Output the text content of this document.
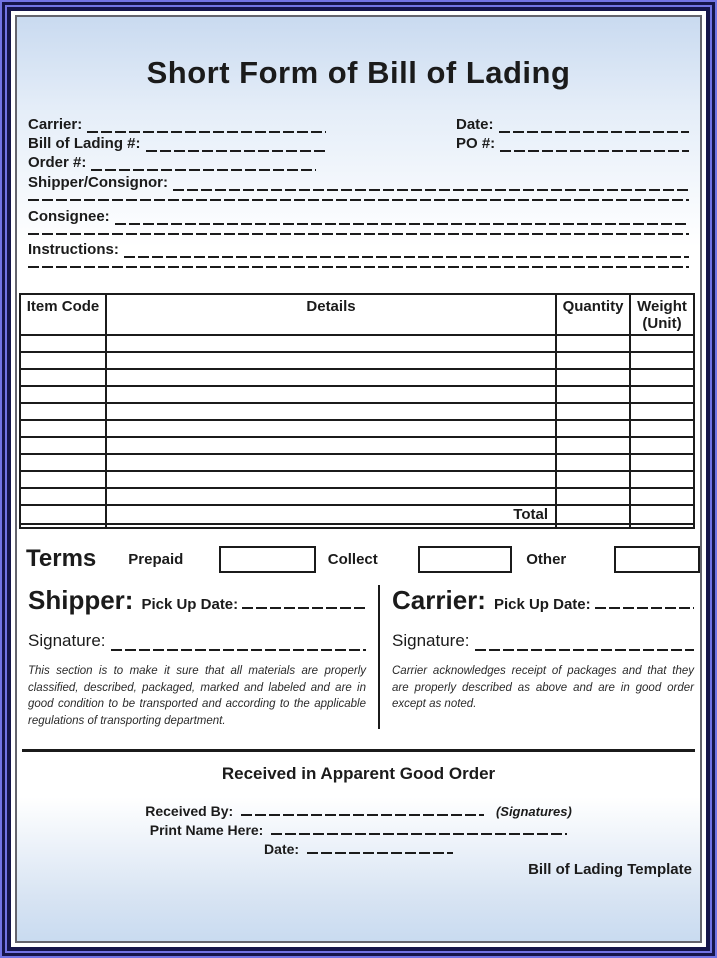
Short Form of Bill of Lading
Carrier:	Date:
Bill of Lading #:	PO #:
Order #:
Shipper/Consignor:
Consignee:
Instructions:
Item Code	Details	Quantity	Weight (Unit)

	Total		

Terms Prepaid	Collect	Other
Shipper: Pick Up Date:
Signature:
This section is to make it sure that all materials are properly classified, described, packaged, marked and labeled and are in good condition to be transported and according to the applicable regulations of transporting department.
Carrier: Pick Up Date:
Signature:
Carrier acknowledges receipt of packages and that they are properly described as above and are in good order except as noted.
Received in Apparent Good Order
Received By:	(Signatures)
Print Name Here:
Date:
Bill of Lading Template
